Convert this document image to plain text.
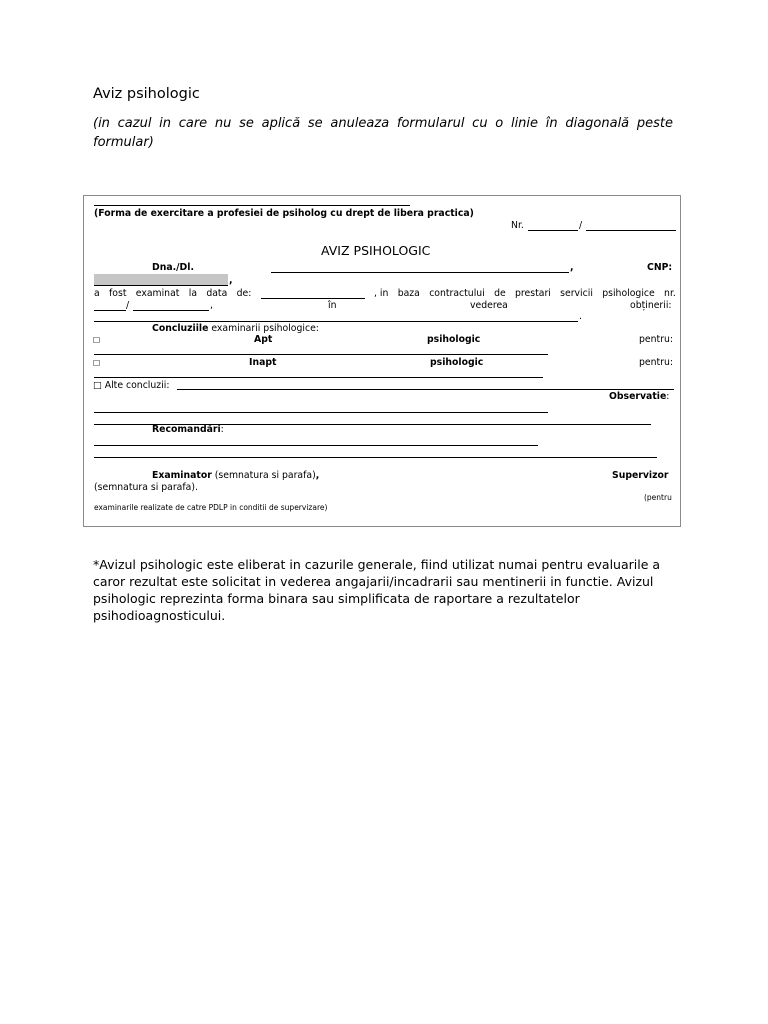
Aviz psihologic
(in cazul in care nu se aplică se anuleaza formularul cu o linie în diagonală peste formular)
(Forma de exercitare a profesiei de psiholog cu drept de libera practica)
Nr.	/
AVIZ PSIHOLOGIC
Dna./Dl.	,	CNP:
,
a fost examinat la data de:	, in baza contractului de prestari servicii psihologice nr.
/	,	în	vederea	obținerii:
.
Concluziile examinarii psihologice:
□	Apt	psihologic	pentru:
□	Inapt	psihologic	pentru:
□ Alte concluzii:
Observatie:
Recomandări:
Examinator (semnatura si parafa),	Supervizor
(semnatura si parafa).
(pentru
examinarile realizate de catre PDLP in conditii de supervizare)
*Avizul psihologic este eliberat in cazurile generale, fiind utilizat numai pentru evaluarile a caror rezultat este solicitat in vederea angajarii/incadrarii sau mentinerii in functie. Avizul psihologic reprezinta forma binara sau simplificata de raportare a rezultatelor psihodioagnosticului.
